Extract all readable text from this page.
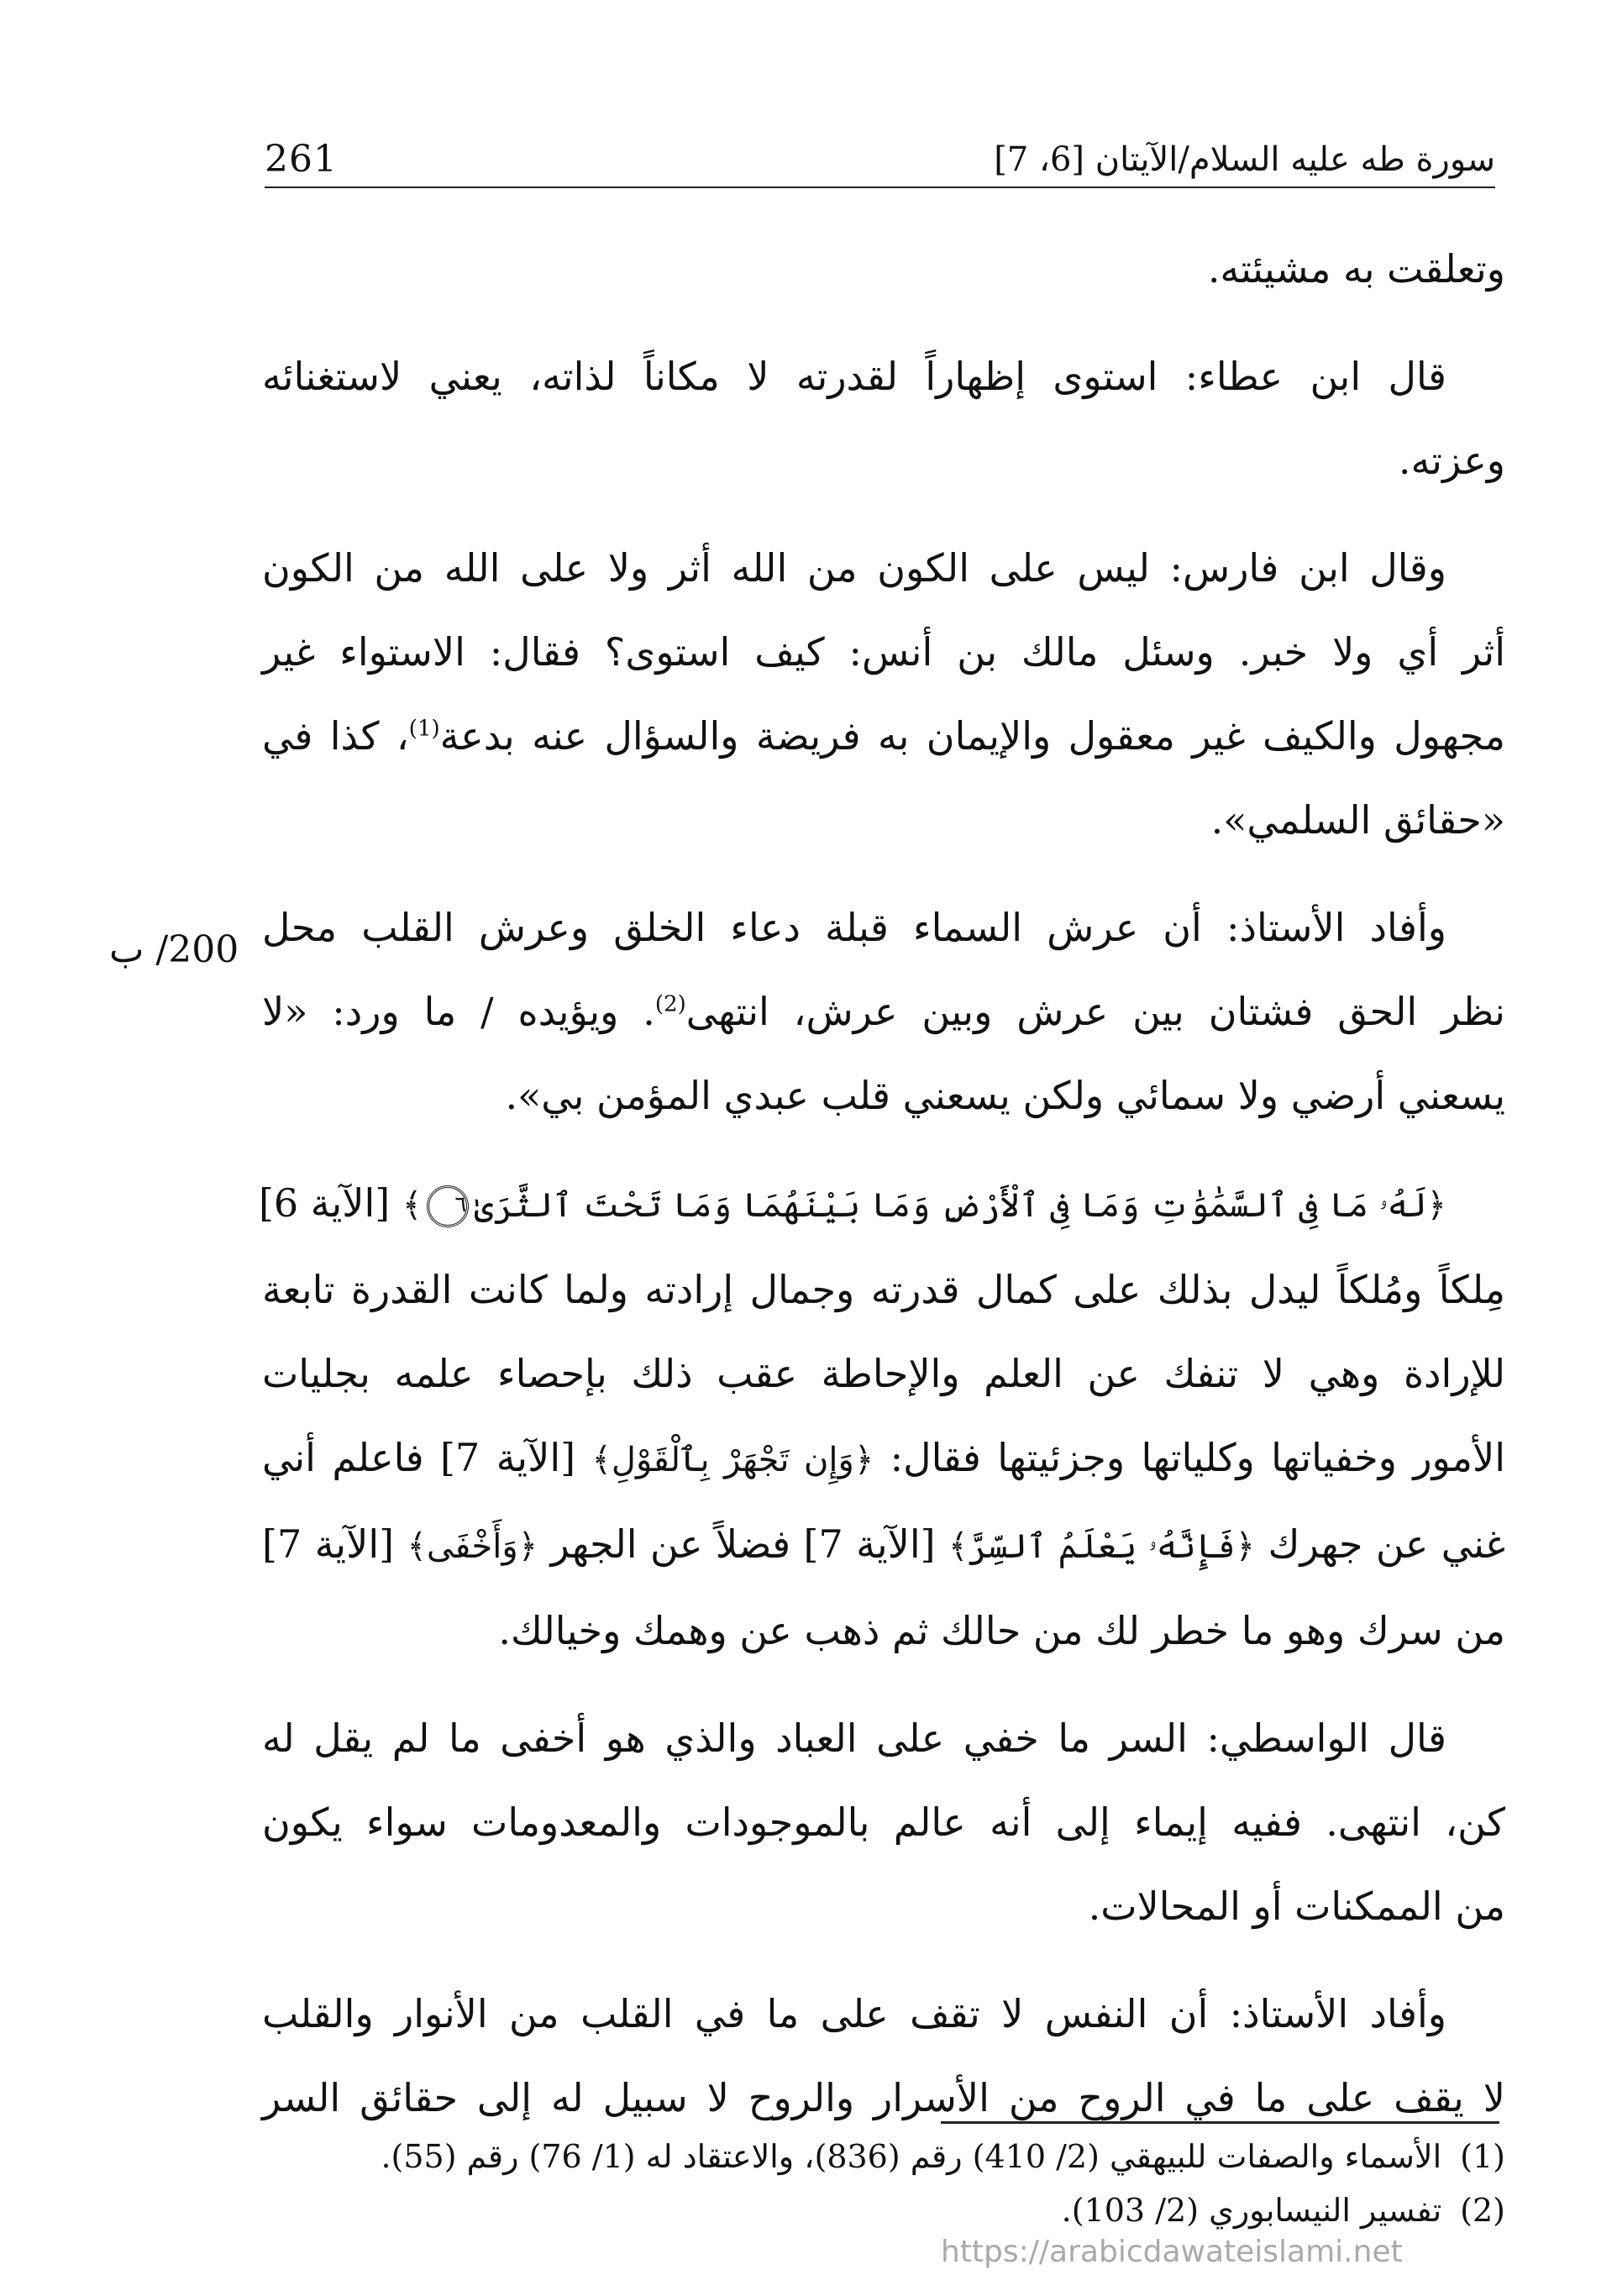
261	سورة طه عليه السلام/الآيتان [6، 7]
200/ ب
وتعلقت به مشيئته.
قال ابن عطاء: استوى إظهاراً لقدرته لا مكاناً لذاته، يعني لاستغنائه
وعزته.
وقال ابن فارس: ليس على الكون من الله أثر ولا على الله من الكون
أثر أي ولا خبر. وسئل مالك بن أنس: كيف استوى؟ فقال: الاستواء غير
مجهول والكيف غير معقول والإيمان به فريضة والسؤال عنه بدعة$^{(1)}$، كذا في
«حقائق السلمي».
وأفاد الأستاذ: أن عرش السماء قبلة دعاء الخلق وعرش القلب محل
نظر الحق فشتان بين عرش وبين عرش، انتهى$^{(2)}$. ويؤيده / ما ورد: «لا
يسعني أرضي ولا سمائي ولكن يسعني قلب عبدي المؤمن بي».
﴿لَهُۥ مَا فِى ٱلسَّمَٰوَٰتِ وَمَا فِى ٱلْأَرْضِ وَمَا بَيْنَهُمَا وَمَا تَحْتَ ٱلثَّرَىٰ٦﴾ [الآية 6]
مِلكاً ومُلكاً ليدل بذلك على كمال قدرته وجمال إرادته ولما كانت القدرة تابعة
للإرادة وهي لا تنفك عن العلم والإحاطة عقب ذلك بإحصاء علمه بجليات
الأمور وخفياتها وكلياتها وجزئيتها فقال: ﴿وَإِن تَجْهَرْ بِٱلْقَوْلِ﴾ [الآية 7] فاعلم أني
غني عن جهرك ﴿فَإِنَّهُۥ يَعْلَمُ ٱلسِّرَّ﴾ [الآية 7] فضلاً عن الجهر ﴿وَأَخْفَى﴾ [الآية 7]
من سرك وهو ما خطر لك من حالك ثم ذهب عن وهمك وخيالك.
قال الواسطي: السر ما خفي على العباد والذي هو أخفى ما لم يقل له
كن، انتهى. ففيه إيماء إلى أنه عالم بالموجودات والمعدومات سواء يكون
من الممكنات أو المحالات.
وأفاد الأستاذ: أن النفس لا تقف على ما في القلب من الأنوار والقلب
لا يقف على ما في الروح من الأسرار والروح لا سبيل له إلى حقائق السر
(1)الأسماء والصفات للبيهقي (2/ 410) رقم (836)، والاعتقاد له (1/ 76) رقم (55).
(2)تفسير النيسابوري (2/ 103).
https://arabicdawateislami.net
